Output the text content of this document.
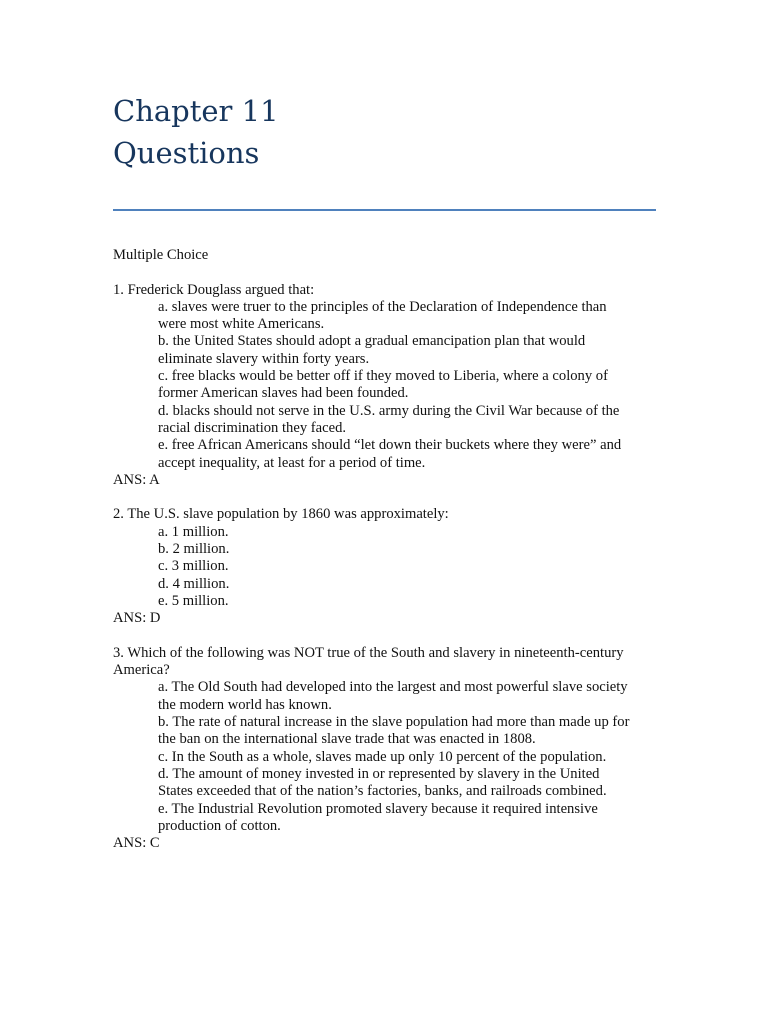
Chapter 11
Questions

Multiple Choice

1. Frederick Douglass argued that:
a. slaves were truer to the principles of the Declaration of Independence than were most white Americans.
b. the United States should adopt a gradual emancipation plan that would eliminate slavery within forty years.
c. free blacks would be better off if they moved to Liberia, where a colony of former American slaves had been founded.
d. blacks should not serve in the U.S. army during the Civil War because of the racial discrimination they faced.
e. free African Americans should “let down their buckets where they were” and accept inequality, at least for a period of time.
ANS: A
2. The U.S. slave population by 1860 was approximately:
a. 1 million.
b. 2 million.
c. 3 million.
d. 4 million.
e. 5 million.
ANS: D
3. Which of the following was NOT true of the South and slavery in nineteenth-century America?
a. The Old South had developed into the largest and most powerful slave society the modern world has known.
b. The rate of natural increase in the slave population had more than made up for the ban on the international slave trade that was enacted in 1808.
c. In the South as a whole, slaves made up only 10 percent of the population.
d. The amount of money invested in or represented by slavery in the United States exceeded that of the nation’s factories, banks, and railroads combined.
e. The Industrial Revolution promoted slavery because it required intensive production of cotton.
ANS: C
